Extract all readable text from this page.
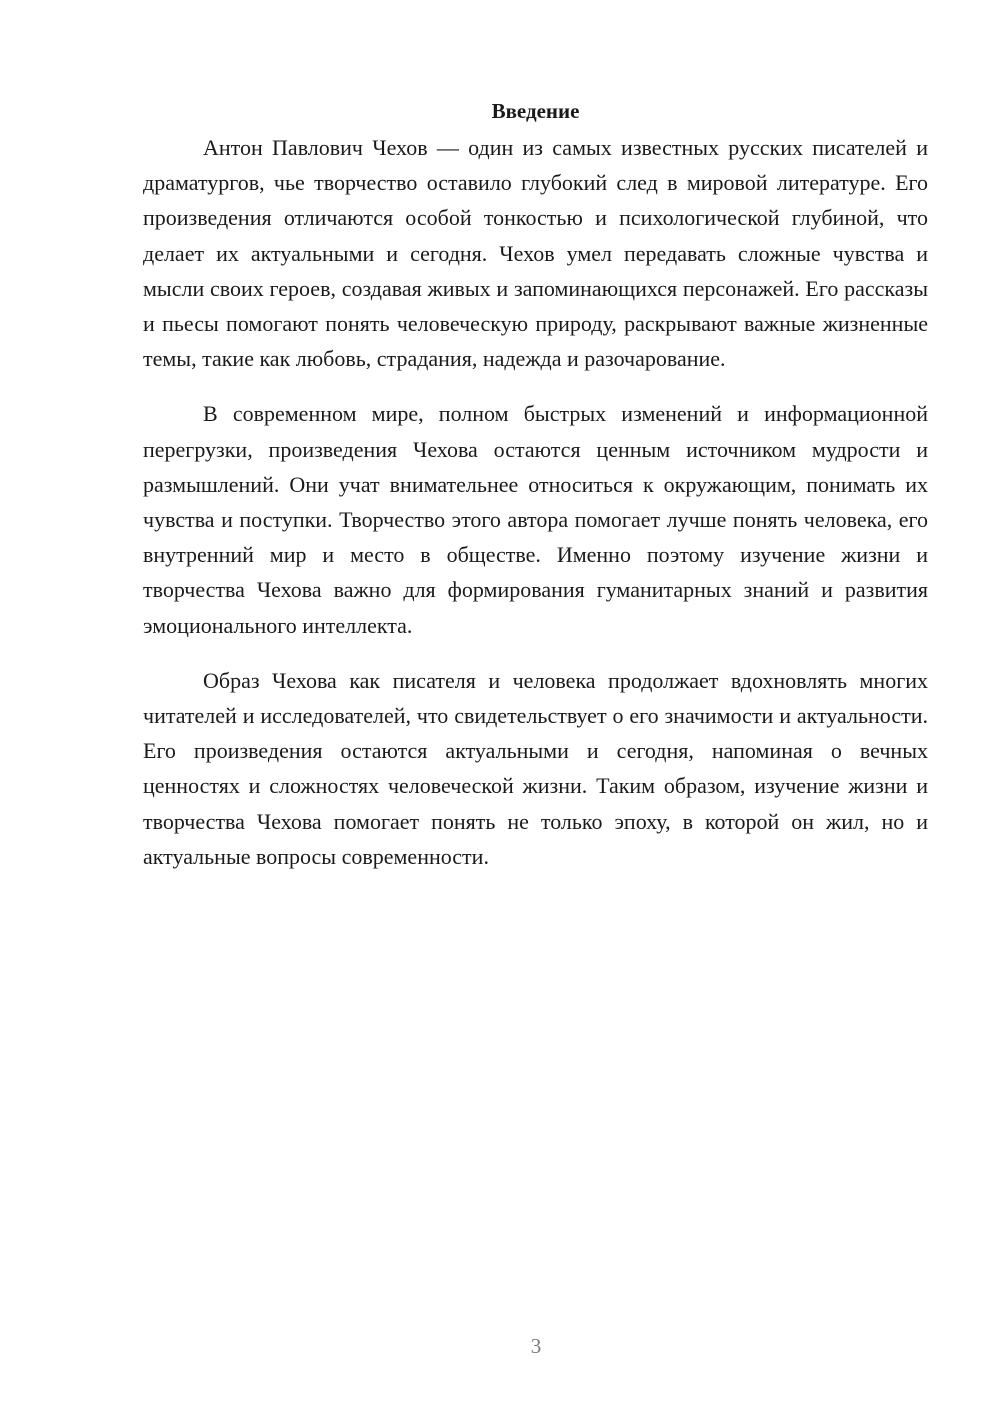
Введение

Антон Павлович Чехов — один из самых известных русских писателей и драматургов, чье творчество оставило глубокий след в мировой литературе. Его произведения отличаются особой тонкостью и психологической глубиной, что делает их актуальными и сегодня. Чехов умел передавать сложные чувства и мысли своих героев, создавая живых и запоминающихся персонажей. Его рассказы и пьесы помогают понять человеческую природу, раскрывают важные жизненные темы, такие как любовь, страдания, надежда и разочарование.

В современном мире, полном быстрых изменений и информационной перегрузки, произведения Чехова остаются ценным источником мудрости и размышлений. Они учат внимательнее относиться к окружающим, понимать их чувства и поступки. Творчество этого автора помогает лучше понять человека, его внутренний мир и место в обществе. Именно поэтому изучение жизни и творчества Чехова важно для формирования гуманитарных знаний и развития эмоционального интеллекта.

Образ Чехова как писателя и человека продолжает вдохновлять многих читателей и исследователей, что свидетельствует о его значимости и актуальности. Его произведения остаются актуальными и сегодня, напоминая о вечных ценностях и сложностях человеческой жизни. Таким образом, изучение жизни и творчества Чехова помогает понять не только эпоху, в которой он жил, но и актуальные вопросы современности.

3
